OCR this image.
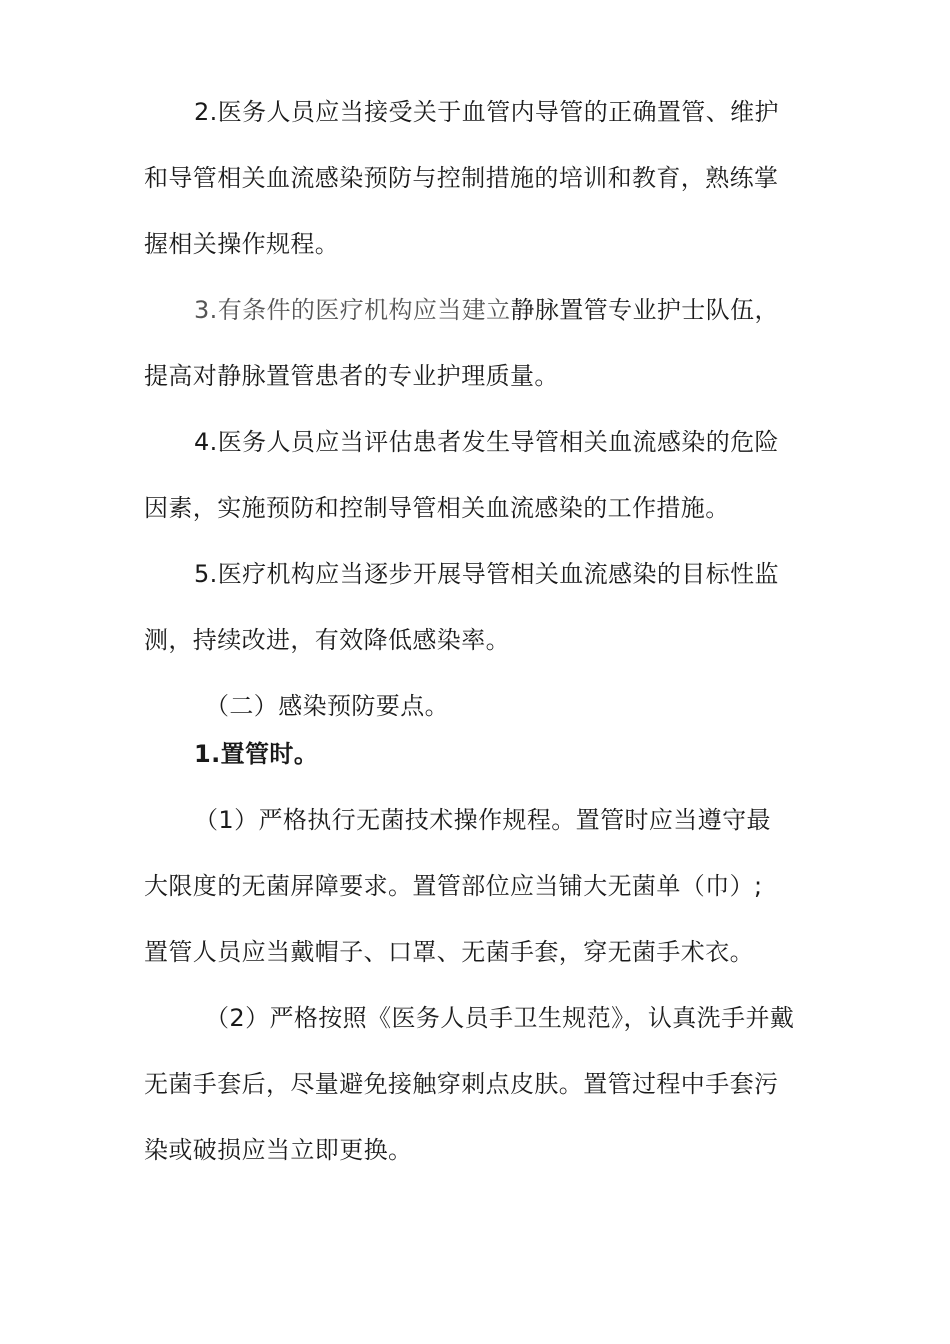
2.医务人员应当接受关于血管内导管的正确置管、维护
和导管相关血流感染预防与控制措施的培训和教育，熟练掌
握相关操作规程。
3.有条件的医疗机构应当建立静脉置管专业护士队伍，
提高对静脉置管患者的专业护理质量。
4.医务人员应当评估患者发生导管相关血流感染的危险
因素，实施预防和控制导管相关血流感染的工作措施。
5.医疗机构应当逐步开展导管相关血流感染的目标性监
测，持续改进，有效降低感染率。
（二）感染预防要点。
1.置管时。
（1）严格执行无菌技术操作规程。置管时应当遵守最
大限度的无菌屏障要求。置管部位应当铺大无菌单（巾）;
置管人员应当戴帽子、口罩、无菌手套，穿无菌手术衣。
（2）严格按照《医务人员手卫生规范》，认真洗手并戴
无菌手套后，尽量避免接触穿刺点皮肤。置管过程中手套污
染或破损应当立即更换。
